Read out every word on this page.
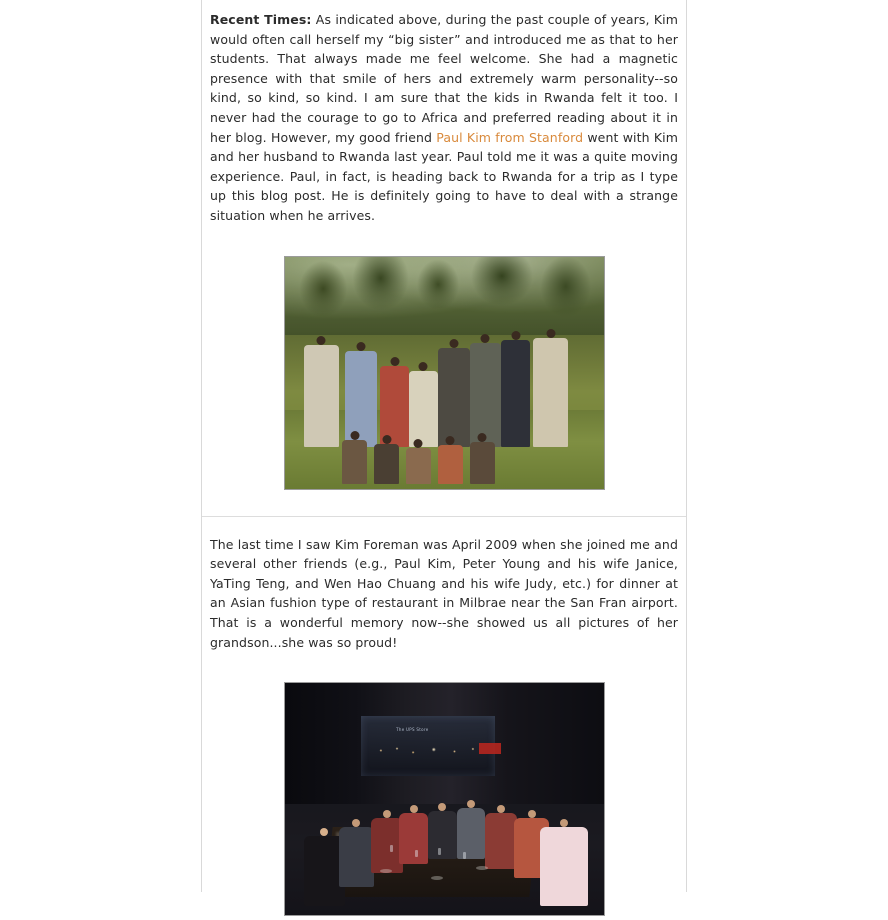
Recent Times: As indicated above, during the past couple of years, Kim would often call herself my “big sister” and introduced me as that to her students. That always made me feel welcome. She had a magnetic presence with that smile of hers and extremely warm personality--so kind, so kind, so kind. I am sure that the kids in Rwanda felt it too. I never had the courage to go to Africa and preferred reading about it in her blog. However, my good friend Paul Kim from Stanford went with Kim and her husband to Rwanda last year. Paul told me it was a quite moving experience. Paul, in fact, is heading back to Rwanda for a trip as I type up this blog post. He is definitely going to have to deal with a strange situation when he arrives.

The last time I saw Kim Foreman was April 2009 when she joined me and several other friends (e.g., Paul Kim, Peter Young and his wife Janice, YaTing Teng, and Wen Hao Chuang and his wife Judy, etc.) for dinner at an Asian fushion type of restaurant in Milbrae near the San Fran airport. That is a wonderful memory now--she showed us all pictures of her grandson...she was so proud!

The UPS Store
